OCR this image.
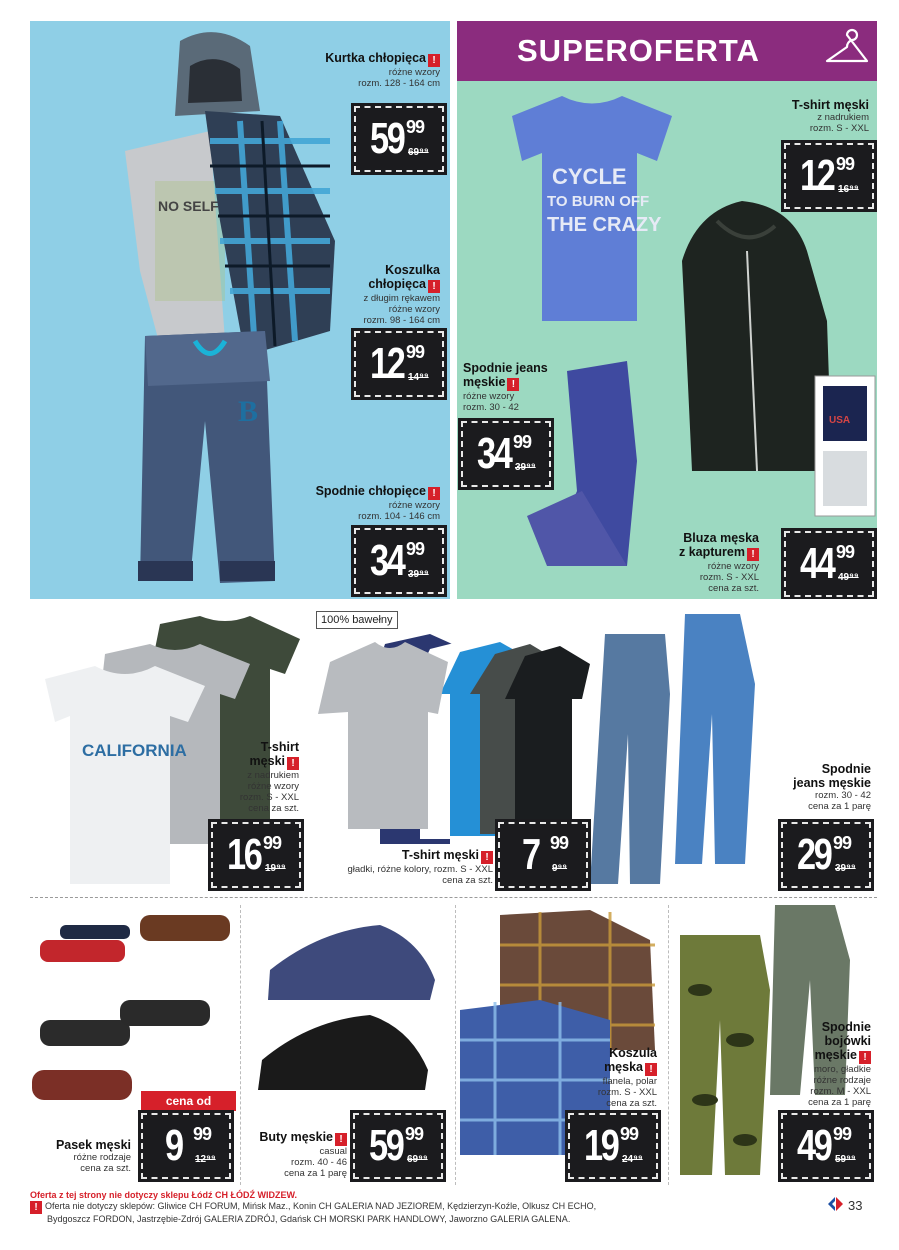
NO SELF
B
Kurtka chłopięca !
różne wzory
rozm. 128 - 164 cm
59 99
69⁹⁹
Koszulka
chłopięca !
z długim rękawem
różne wzory
rozm. 98 - 164 cm
12 99
14⁹⁹
Spodnie chłopięce !
różne wzory
rozm. 104 - 146 cm
34 99
39⁹⁹
SUPEROFERTA
CYCLE
TO BURN OFF
THE CRAZY
USA
T-shirt męski
z nadrukiem
rozm. S - XXL
12 99
16⁹⁹
Spodnie jeans
męskie !
różne wzory
rozm. 30 - 42
34 99
39⁹⁹
Bluza męska
z kapturem !
różne wzory
rozm. S - XXL
cena za szt.
44 99
49⁹⁹
CALIFORNIA
100% bawełny
T-shirt
męski !
z nadrukiem
różne wzory
rozm. S - XXL
cena za szt.
16 99
19⁹⁹
T-shirt męski !
gładki, różne kolory, rozm. S - XXL
cena za szt.
7 99
9⁹⁹
Spodnie
jeans męskie
rozm. 30 - 42
cena za 1 parę
29 99
39⁹⁹
cena od
Pasek męski
różne rodzaje
cena za szt. 9 99
12⁹⁹
Buty męskie !
casual
rozm. 40 - 46
cena za 1 parę
59 99
69⁹⁹
Koszula
męska !
flanela, polar
rozm. S - XXL
cena za szt.
19 99
24⁹⁹
Spodnie
bojówki
męskie !
moro, gładkie
różne rodzaje
rozm. M - XXL
cena za 1 parę
49 99
59⁹⁹
Oferta z tej strony nie dotyczy sklepu Łódź CH ŁÓDŹ WIDZEW.
! Oferta nie dotyczy sklepów: Gliwice CH FORUM, Mińsk Maz., Konin CH GALERIA NAD JEZIOREM, Kędzierzyn-Koźle, Olkusz CH ECHO,
Bydgoszcz FORDON, Jastrzębie-Zdrój GALERIA ZDRÓJ, Gdańsk CH MORSKI PARK HANDLOWY, Jaworzno GALERIA GALENA.
33
